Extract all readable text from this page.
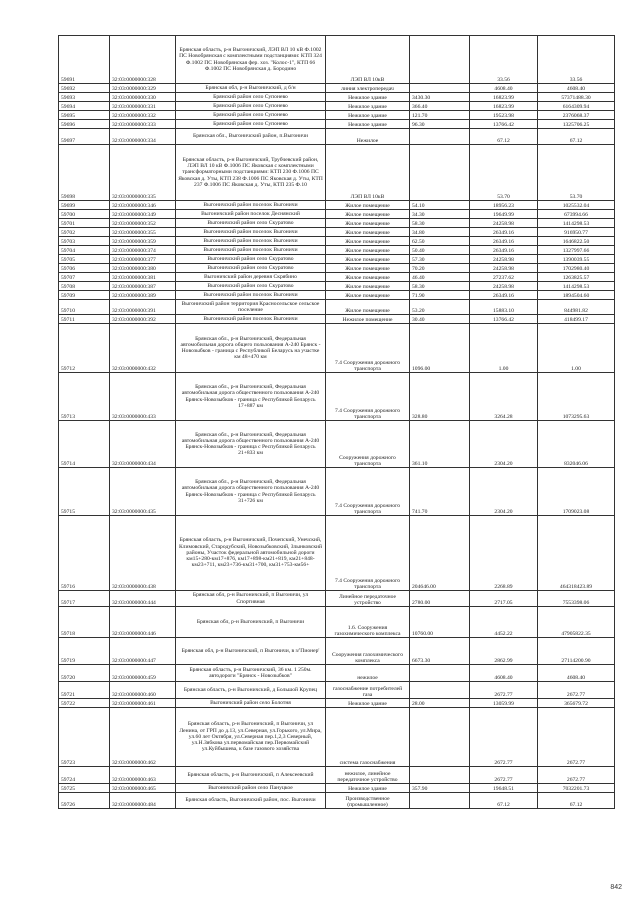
59691	32:03:0000000:328	Брянская область, р-н Выгоничский, ЛЭП ВЛ 10 кВ Ф.1002 ПС Новобрянская с комплектными подстанциями: КТП 324 Ф.1002 ПС Новобрянская фер. хоз. "Колос-1", КТП 66 Ф.1002 ПС Новобрянская д. Бородино	ЛЭП ВЛ 10кВ		33.56	33.56
59692	32:03:0000000:329	Брянская обл, р-н Выгоничский, д б/н	линия электропередач		4608.40	4608.40
59693	32:03:0000000:330	Брянский район село Супонево	Нежилое здание	3430.30	16823.99	57371488.30
59694	32:03:0000000:331	Брянский район село Супонево	Нежилое здание	366.40	16823.99	6164309.94
59695	32:03:0000000:332	Брянский район село Супонево	Нежилое здание	121.70	19523.98	2376068.37
59696	32:03:0000000:333	Брянский район село Супонево	Нежилое здание	96.30	13766.42	1325706.25
59697	32:03:0000000:334	Брянская обл., Выгоничский район, п.Выгоничи	Нежилое		67.12	67.12
59698	32:03:0000000:335	Брянская область, р-н Выгоничский, Трубчевский район, ЛЭП ВЛ 10 кВ Ф.1006 ПС Яковская с комплектными трансформаторными подстанциями: КТП 230 Ф.1006 ПС Яковская д. Уты, КТП 238 Ф.1006 ПС Яковская д. Уты, КТП 237 Ф.1006 ПС Яковская д. Уты, КТП 235 Ф.10	ЛЭП ВЛ 10кВ		53.70	53.70
59699	32:03:0000000:346	Выгоничский район поселок Выгоничи	Жилое помещение	54.10	18956.23	1025532.04
59700	32:03:0000000:349	Выгоничский район поселок Деснянский	Жилое помещение	34.30	19649.99	673994.66
59701	32:03:0000000:352	Выгоничский район село Скуратово	Жилое помещение	58.30	24258.98	1414298.53
59702	32:03:0000000:355	Выгоничский район поселок Выгоничи	Жилое помещение	34.80	26349.16	916950.77
59703	32:03:0000000:359	Выгоничский район поселок Выгоничи	Жилое помещение	62.50	26349.16	1646822.50
59704	32:03:0000000:374	Выгоничский район поселок Выгоничи	Жилое помещение	50.40	26349.16	1327997.66
59705	32:03:0000000:377	Выгоничский район село Скуратово	Жилое помещение	57.30	24258.98	1390039.55
59706	32:03:0000000:380	Выгоничский район село Скуратово	Жилое помещение	70.20	24258.98	1702980.40
59707	32:03:0000000:381	Выгоничский район деревня Скрябино	Жилое помещение	46.40	27237.62	1263825.57
59708	32:03:0000000:387	Выгоничский район село Скуратово	Жилое помещение	58.30	24258.98	1414298.53
59709	32:03:0000000:389	Выгоничский район поселок Выгоничи	Жилое помещение	71.90	26349.16	1894504.60
59710	32:03:0000000:391	Выгоничский район территория Красносельское сельское поселение	Жилое помещение	53.20	15883.10	844981.82
59711	32:03:0000000:392	Выгоничский район поселок Выгоничи	Нежилое помещение	30.40	13766.42	418499.17
59712	32:03:0000000:432	Брянская обл., р-н Выгоничский, Федеральная автомобильная дорога общего пользования А-240 Брянск - Новозыбков - граница с Республикой Беларусь на участке км 48+470 км	7.4 Сооружения дорожного транспорта	1096.00	1.00	1.00
59713	32:03:0000000:433	Брянская обл., р-н Выгоничский, Федеральная автомобильная дорога общественного пользования А-240 Брянск-Новозыбков - граница с Республикой Беларусь 17+887 км	7.4 Сооружения дорожного транспорта	328.80	3264.28	1073295.63
59714	32:03:0000000:434	Брянская обл., р-н Выгоничский, Федеральная автомобильная дорога общественного пользования А-240 Брянск-Новозыбков - граница с Республикой Беларусь 21+833 км	Сооружения дорожного транспорта	361.10	2304.20	832046.06
59715	32:03:0000000:435	Брянская обл., р-н Выгоничский, Федеральная автомобильная дорога общественного пользования А-240 Брянск-Новозыбков - граница с Республикой Беларусь 31+726 км	7.4 Сооружения дорожного транспорта	741.70	2304.20	1709023.08
59716	32:03:0000000:438	Брянская область, р-н Выгоничский, Почепский, Унечский, Климовский, Стародубский, Новозыбковский, Злынковский районы, Участок федеральной автомобильной дороги км15+280-км17+876, км17+898-км21+819, км21+848-км23+711, км23+736-км31+700, км31+753-км56+	7.4 Сооружения дорожного транспорта	204646.00	2268.89	464318423.89
59717	32:03:0000000:444	Брянская обл, р-н Выгоничский, п Выгоничи, ул Спортивная	Линейное передаточное устройство	2780.00	2717.05	7553398.06
59718	32:03:0000000:446	Брянская обл, р-н Выгоничский, п Выгоничи	1.6. Сооружения газохимического комплекса	10760.00	4452.22	47905822.35
59719	32:03:0000000:447	Брянская обл, р-н Выгоничский, п Выгоничи, в з/'Пионер'	Сооружения газохимического комплекса	6673.30	2862.99	27114200.90
59720	32:03:0000000:459	Брянская область, р-н Выгоничский, 36 км. 1 250м. автодороги "Брянск - Новозыбков"	нежилое		4608.40	4608.40
59721	32:03:0000000:460	Брянская область, р-н Выгоничский, д Большой Крупец	газоснабжение потребителей газа		2672.77	2672.77
59722	32:03:0000000:461	Выгоничский район село Болотня	Нежилое здание	28.00	13059.99	365679.72
59723	32:03:0000000:462	Брянская область, р-н Выгоничский, п Выгоничи, ул Ленина, от ГРП до д.13, ул.Северная, ул.Горького, ул.Мира, ул.60 лет Октября, ул.Северная пер.1,2,3 Северный, ул.Н.Зябкова ул.первомайская пер.Первомайский ул.Куйбышева, к базе газового хозяйства	система газоснабжения		2672.77	2672.77
59724	32:03:0000000:463	Брянская область, р-н Выгоничский, п Алексеевский	нежилое, линейное передаточное устройство		2672.77	2672.77
59725	32:03:0000000:465	Выгоничский район село Пануцкое	Нежилое здание	357.90	19648.51	7032201.73
59726	32:03:0000000:484	Брянская область, Выгоничский район, пос. Выгоничи	Производственное (промышленное)		67.12	67.12
842
